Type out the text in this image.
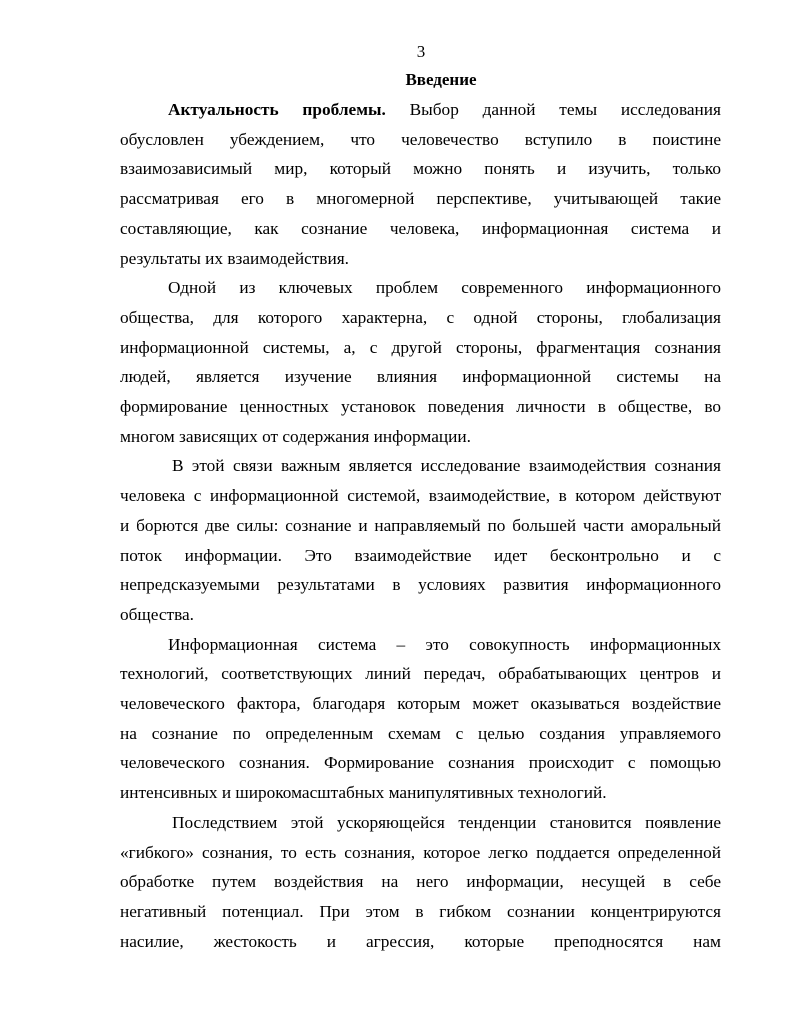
3
Введение
Актуальность проблемы. Выбор данной темы исследования
обусловлен убеждением, что человечество вступило в поистине
взаимозависимый мир, который можно понять и изучить, только
рассматривая его в многомерной перспективе, учитывающей такие
составляющие, как сознание человека, информационная система и
результаты их взаимодействия.
Одной из ключевых проблем современного информационного
общества, для которого характерна, с одной стороны, глобализация
информационной системы, а, с другой стороны, фрагментация сознания
людей, является изучение влияния информационной системы на
формирование ценностных установок поведения личности в обществе, во
многом зависящих от содержания информации.
В этой связи важным является исследование взаимодействия сознания
человека с информационной системой, взаимодействие, в котором действуют
и борются две силы: сознание и направляемый по большей части аморальный
поток информации. Это взаимодействие идет бесконтрольно и с
непредсказуемыми результатами в условиях развития информационного
общества.
Информационная система – это совокупность информационных
технологий, соответствующих линий передач, обрабатывающих центров и
человеческого фактора, благодаря которым может оказываться воздействие
на сознание по определенным схемам с целью создания управляемого
человеческого сознания. Формирование сознания происходит с помощью
интенсивных и широкомасштабных манипулятивных технологий.
Последствием этой ускоряющейся тенденции становится появление
«гибкого» сознания, то есть сознания, которое легко поддается определенной
обработке путем воздействия на него информации, несущей в себе
негативный потенциал. При этом в гибком сознании концентрируются
насилие, жестокость и агрессия, которые преподносятся нам
